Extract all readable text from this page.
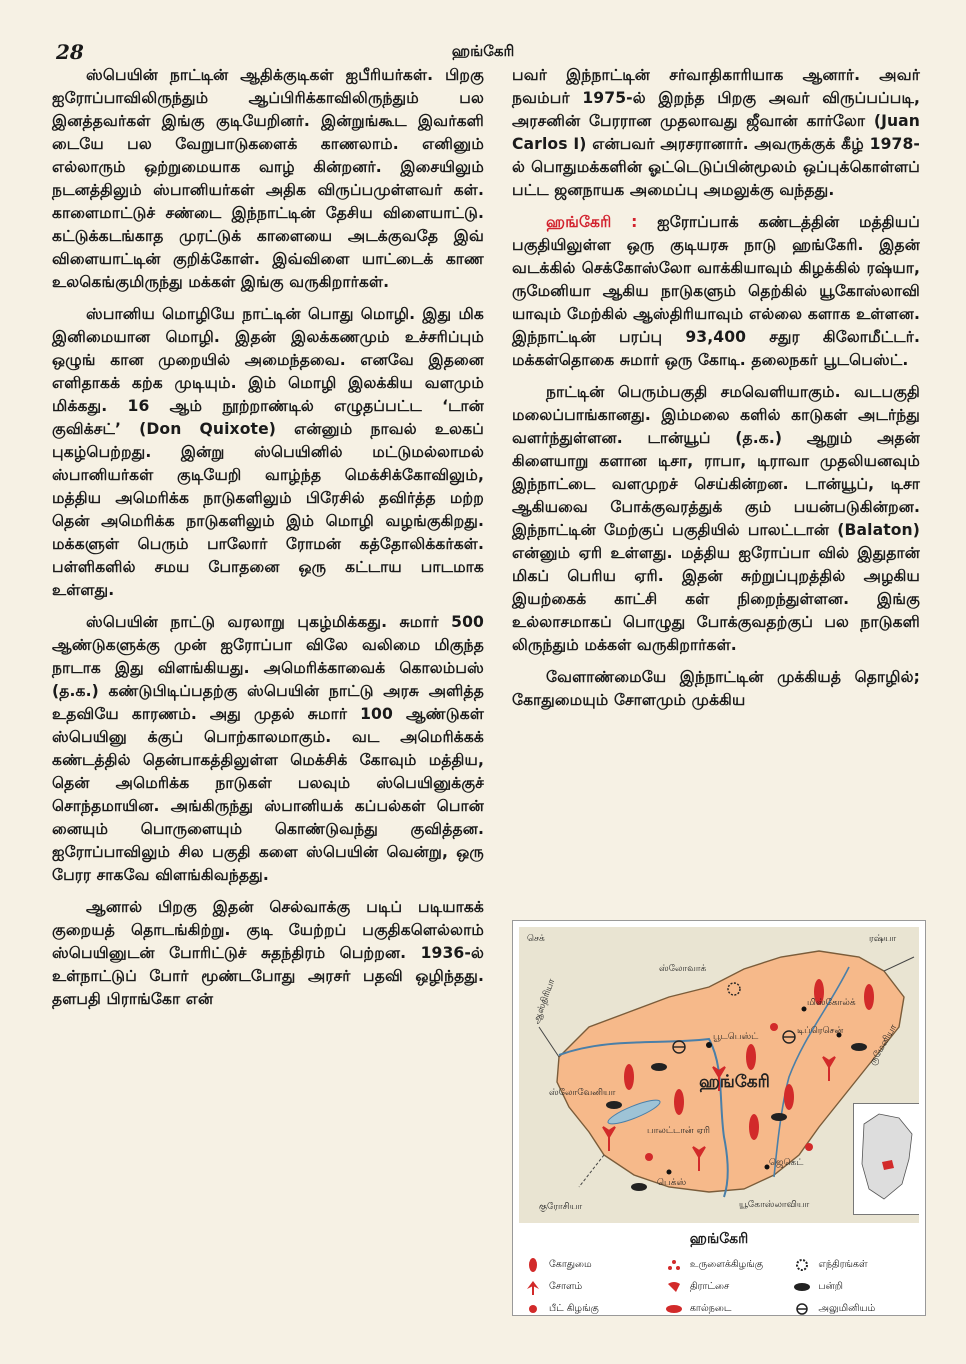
28	ஹங்கேரி

ஸ்பெயின் நாட்டின் ஆதிக்குடிகள் ஐபீரியர்கள். பிறகு ஐரோப்பாவிலிருந்தும் ஆப்பிரிக்காவிலிருந்தும் பல இனத்தவர்கள் இங்கு குடியேறினர். இன்றுங்கூட இவர்களி டையே பல வேறுபாடுகளைக் காணலாம். எனினும் எல்லாரும் ஒற்றுமையாக வாழ் கின்றனர். இசையிலும் நடனத்திலும் ஸ்பானியர்கள் அதிக விருப்பமுள்ளவர் கள். காளைமாட்டுச் சண்டை இந்நாட்டின் தேசிய விளையாட்டு. கட்டுக்கடங்காத முரட்டுக் காளையை அடக்குவதே இவ் விளையாட்டின் குறிக்கோள். இவ்விளை யாட்டைக் காண உலகெங்குமிருந்து மக்கள் இங்கு வருகிறார்கள்.

ஸ்பானிய மொழியே நாட்டின் பொது மொழி. இது மிக இனிமையான மொழி. இதன் இலக்கணமும் உச்சரிப்பும் ஒழுங் கான முறையில் அமைந்தவை. எனவே இதனை எளிதாகக் கற்க முடியும். இம் மொழி இலக்கிய வளமும் மிக்கது. 16 ஆம் நூற்றாண்டில் எழுதப்பட்ட ‘டான் குவிக்சட்’ (Don Quixote) என்னும் நாவல் உலகப் புகழ்பெற்றது. இன்று ஸ்பெயினில் மட்டுமல்லாமல் ஸ்பானியர்கள் குடியேறி வாழ்ந்த மெக்சிக்கோவிலும், மத்திய அமெரிக்க நாடுகளிலும் பிரேசில் தவிர்த்த மற்ற தென் அமெரிக்க நாடுகளிலும் இம் மொழி வழங்குகிறது. மக்களுள் பெரும் பாலோர் ரோமன் கத்தோலிக்கர்கள். பள்ளிகளில் சமய போதனை ஒரு கட்டாய பாடமாக உள்ளது.

ஸ்பெயின் நாட்டு வரலாறு புகழ்மிக்கது. சுமார் 500 ஆண்டுகளுக்கு முன் ஐரோப்பா விலே வலிமை மிகுந்த நாடாக இது விளங்கியது. அமெரிக்காவைக் கொலம்பஸ் (த.க.) கண்டுபிடிப்பதற்கு ஸ்பெயின் நாட்டு அரசு அளித்த உதவியே காரணம். அது முதல் சுமார் 100 ஆண்டுகள் ஸ்பெயினு க்குப் பொற்காலமாகும். வட அமெரிக்கக் கண்டத்தில் தென்பாகத்திலுள்ள மெக்சிக் கோவும் மத்திய, தென் அமெரிக்க நாடுகள் பலவும் ஸ்பெயினுக்குச் சொந்தமாயின. அங்கிருந்து ஸ்பானியக் கப்பல்கள் பொன் னையும் பொருளையும் கொண்டுவந்து குவித்தன. ஐரோப்பாவிலும் சில பகுதி களை ஸ்பெயின் வென்று, ஒரு பேரர சாகவே விளங்கிவந்தது.

ஆனால் பிறகு இதன் செல்வாக்கு படிப் படியாகக் குறையத் தொடங்கிற்று. குடி யேற்றப் பகுதிகளெல்லாம் ஸ்பெயினுடன் போரிட்டுச் சுதந்திரம் பெற்றன. 1936-ல் உள்நாட்டுப் போர் மூண்டபோது அரசர் பதவி ஒழிந்தது. தளபதி பிராங்கோ என்

பவர் இந்நாட்டின் சர்வாதிகாரியாக ஆனார். அவர் நவம்பர் 1975-ல் இறந்த பிறகு அவர் விருப்பப்படி, அரசனின் பேரரான முதலாவது ஜீவான் கார்லோ (Juan Carlos I) என்பவர் அரசரானார். அவருக்குக் கீழ் 1978-ல் பொதுமக்களின் ஓட்டெடுப்பின்மூலம் ஒப்புக்கொள்ளப் பட்ட ஜனநாயக அமைப்பு அமலுக்கு வந்தது.

ஹங்கேரி : ஐரோப்பாக் கண்டத்தின் மத்தியப் பகுதியிலுள்ள ஒரு குடியரசு நாடு ஹங்கேரி. இதன் வடக்கில் செக்கோஸ்லோ வாக்கியாவும் கிழக்கில் ரஷ்யா, ருமேனியா ஆகிய நாடுகளும் தெற்கில் யூகோஸ்லாவி யாவும் மேற்கில் ஆஸ்திரியாவும் எல்லை களாக உள்ளன. இந்நாட்டின் பரப்பு 93,400 சதுர கிலோமீட்டர். மக்கள்தொகை சுமார் ஒரு கோடி. தலைநகர் பூடபெஸ்ட்.

நாட்டின் பெரும்பகுதி சமவெளியாகும். வடபகுதி மலைப்பாங்கானது. இம்மலை களில் காடுகள் அடர்ந்து வளர்ந்துள்ளன. டான்யூப் (த.க.) ஆறும் அதன் கிளையாறு களான டிசா, ராபா, டிராவா முதலியனவும் இந்நாட்டை வளமுறச் செய்கின்றன. டான்யூப், டிசா ஆகியவை போக்குவரத்துக் கும் பயன்படுகின்றன. இந்நாட்டின் மேற்குப் பகுதியில் பாலட்டான் (Balaton) என்னும் ஏரி உள்ளது. மத்திய ஐரோப்பா வில் இதுதான் மிகப் பெரிய ஏரி. இதன் சுற்றுப்புறத்தில் அழகிய இயற்கைக் காட்சி கள் நிறைந்துள்ளன. இங்கு உல்லாசமாகப் பொழுது போக்குவதற்குப் பல நாடுகளி லிருந்தும் மக்கள் வருகிறார்கள்.

வேளாண்மையே இந்நாட்டின் முக்கியத் தொழில்; கோதுமையும் சோளமும் முக்கிய

செக்
ஸ்லோவாக்
ரஷ்யா
ஆஸ்திரியா
ருமேனியா
பூடபெஸ்ட்
மிஸ்கோல்க்
டிப்ரெசென்
ஸ்லோவேனியா
பாலட்டான் ஏரி
பெக்ஸ்
யூகோஸ்லாவியா
குரோசியா
ஜெகெட்
ஹங்கேரி
ஹங்கேரி
கோதுமை	உருளைக்கிழங்கு	எந்திரங்கள்
சோளம்	திராட்சை	பன்றி
பீட் கிழங்கு	கால்நடை	அலுமினியம்
